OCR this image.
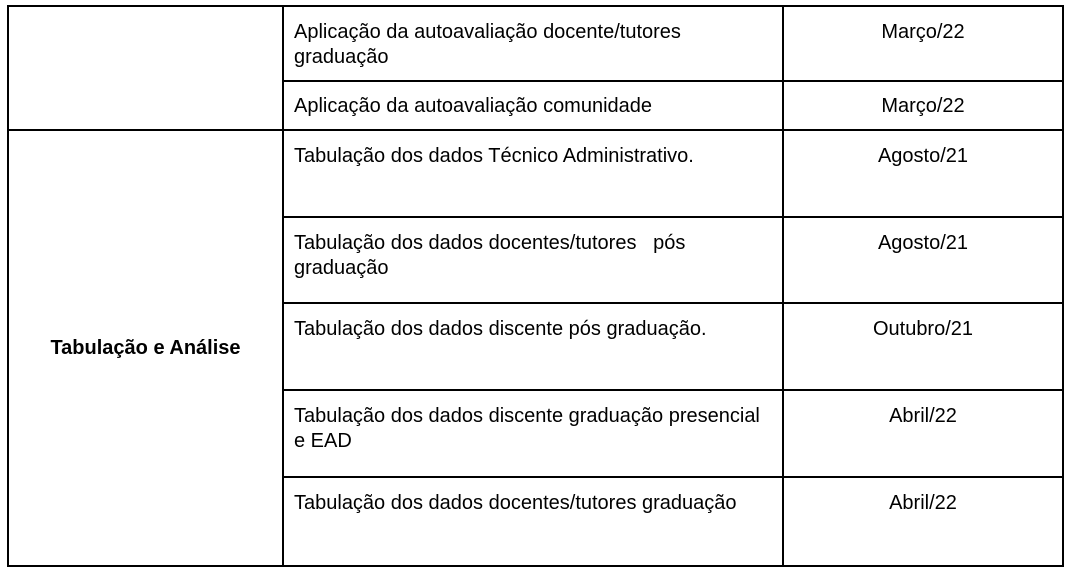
	Aplicação da autoavaliação docente/tutores graduação	Março/22
	Aplicação da autoavaliação comunidade	Março/22
Tabulação e Análise	Tabulação dos dados Técnico Administrativo.	Agosto/21
	Tabulação dos dados docentes/tutores   pós graduação	Agosto/21
	Tabulação dos dados discente pós graduação.	Outubro/21
	Tabulação dos dados discente graduação presencial e EAD	Abril/22
	Tabulação dos dados docentes/tutores graduação	Abril/22
